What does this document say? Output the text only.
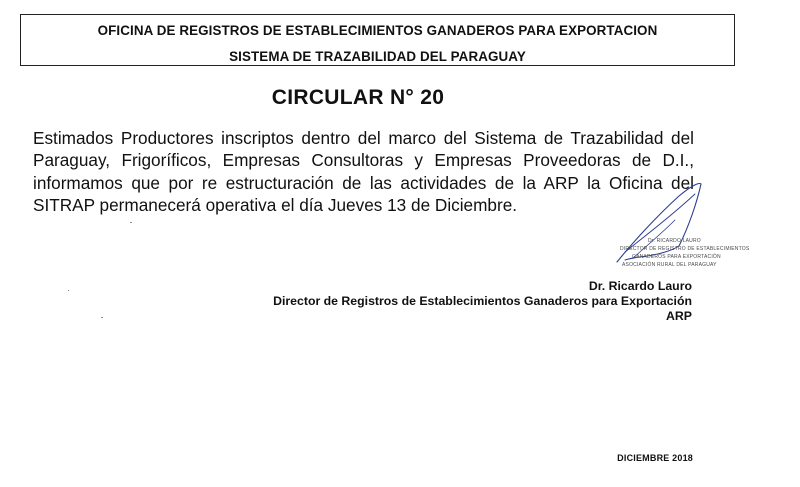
OFICINA DE REGISTROS DE ESTABLECIMIENTOS GANADEROS PARA EXPORTACION
SISTEMA DE TRAZABILIDAD DEL PARAGUAY
CIRCULAR N° 20

Estimados Productores inscriptos dentro del marco del Sistema de Trazabilidad del Paraguay, Frigoríficos, Empresas Consultoras y Empresas Proveedoras de D.I., informamos que por re estructuración de las actividades de la ARP la Oficina del SITRAP permanecerá operativa el día Jueves 13 de Diciembre.

Dr. RICARDO LAURO
DIRECTOR DE REGISTRO DE ESTABLECIMIENTOS
GANADEROS PARA EXPORTACIÓN
ASOCIACIÓN RURAL DEL PARAGUAY
Dr. Ricardo Lauro
Director de Registros de Establecimientos Ganaderos para Exportación
ARP
DICIEMBRE 2018
